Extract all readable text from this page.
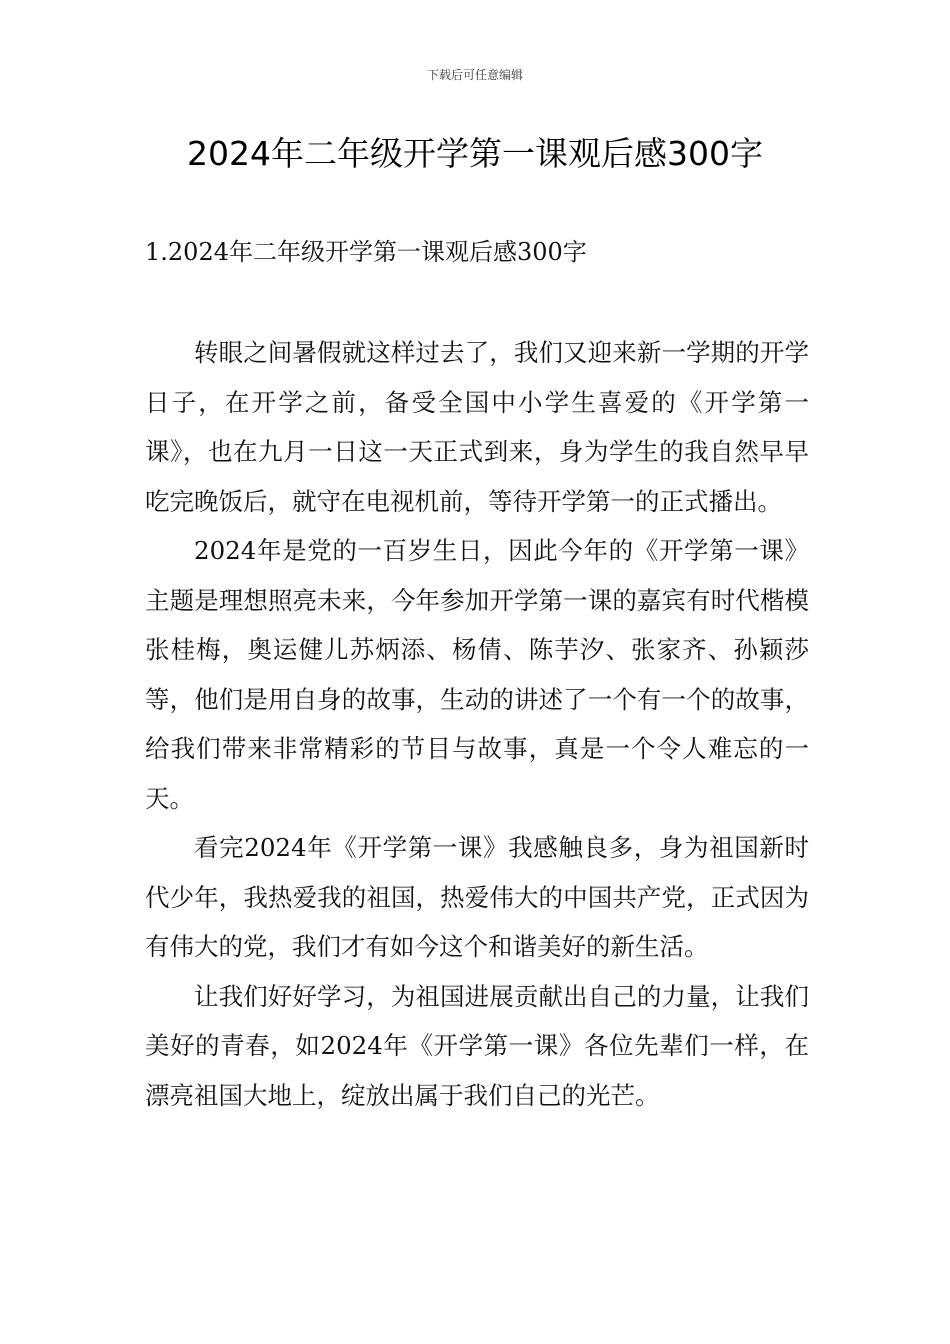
下载后可任意编辑
2024年二年级开学第一课观后感300字
1.2024年二年级开学第一课观后感300字

转眼之间暑假就这样过去了，我们又迎来新一学期的开学日子，在开学之前，备受全国中小学生喜爱的《开学第一课》，也在九月一日这一天正式到来，身为学生的我自然早早吃完晚饭后，就守在电视机前，等待开学第一的正式播出。

2024年是党的一百岁生日，因此今年的《开学第一课》主题是理想照亮未来，今年参加开学第一课的嘉宾有时代楷模张桂梅，奥运健儿苏炳添、杨倩、陈芋汐、张家齐、孙颖莎等，他们是用自身的故事，生动的讲述了一个有一个的故事，给我们带来非常精彩的节目与故事，真是一个令人难忘的一天。

看完2024年《开学第一课》我感触良多，身为祖国新时代少年，我热爱我的祖国，热爱伟大的中国共产党，正式因为有伟大的党，我们才有如今这个和谐美好的新生活。

让我们好好学习，为祖国进展贡献出自己的力量，让我们美好的青春，如2024年《开学第一课》各位先辈们一样，在漂亮祖国大地上，绽放出属于我们自己的光芒。
